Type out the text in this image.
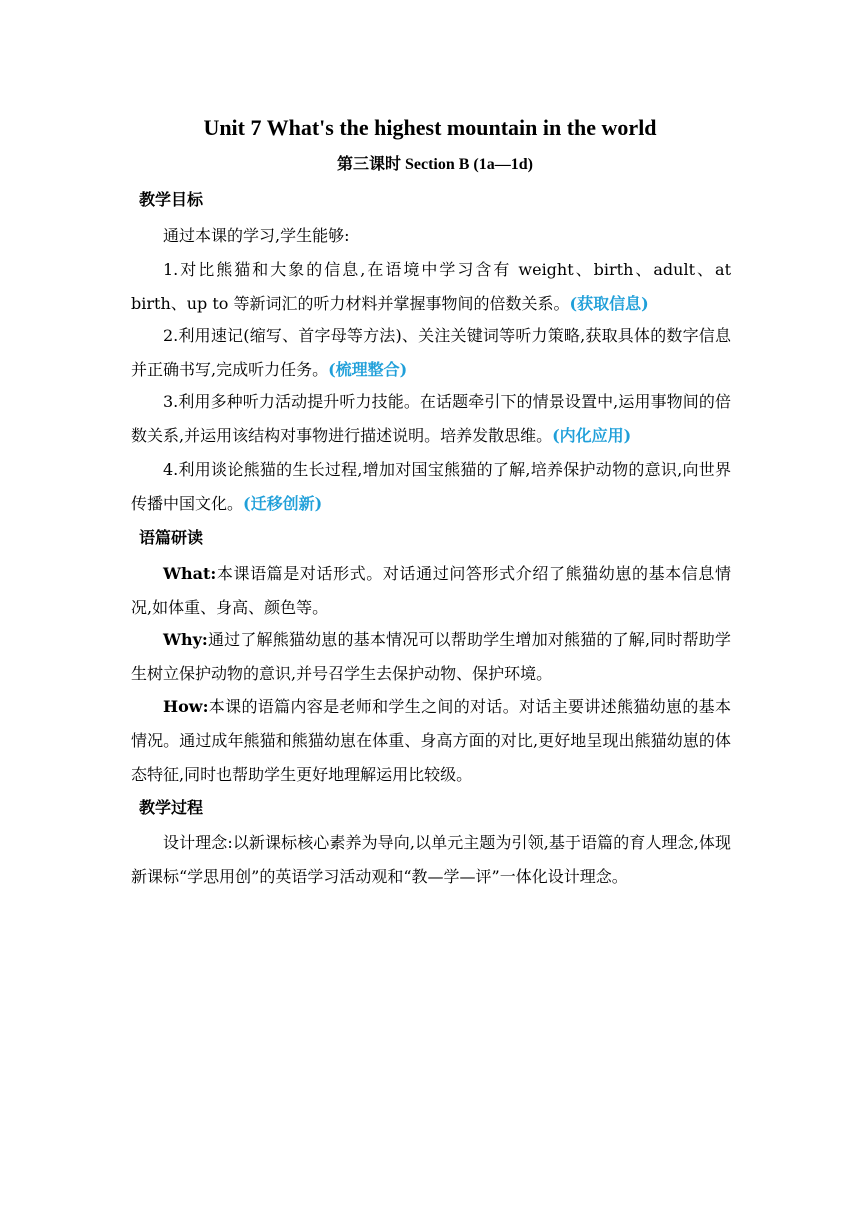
Unit 7 What's the highest mountain in the world
第三课时 Section B (1a—1d)
教学目标

通过本课的学习,学生能够:

1.对比熊猫和大象的信息,在语境中学习含有 weight、birth、adult、at birth、up to 等新词汇的听力材料并掌握事物间的倍数关系。(获取信息)

2.利用速记(缩写、首字母等方法)、关注关键词等听力策略,获取具体的数字信息并正确书写,完成听力任务。(梳理整合)

3.利用多种听力活动提升听力技能。在话题牵引下的情景设置中,运用事物间的倍数关系,并运用该结构对事物进行描述说明。培养发散思维。(内化应用)

4.利用谈论熊猫的生长过程,增加对国宝熊猫的了解,培养保护动物的意识,向世界传播中国文化。(迁移创新)

语篇研读

What:本课语篇是对话形式。对话通过问答形式介绍了熊猫幼崽的基本信息情况,如体重、身高、颜色等。

Why:通过了解熊猫幼崽的基本情况可以帮助学生增加对熊猫的了解,同时帮助学生树立保护动物的意识,并号召学生去保护动物、保护环境。

How:本课的语篇内容是老师和学生之间的对话。对话主要讲述熊猫幼崽的基本情况。通过成年熊猫和熊猫幼崽在体重、身高方面的对比,更好地呈现出熊猫幼崽的体态特征,同时也帮助学生更好地理解运用比较级。

教学过程

设计理念:以新课标核心素养为导向,以单元主题为引领,基于语篇的育人理念,体现新课标“学思用创”的英语学习活动观和“教—学—评”一体化设计理念。
